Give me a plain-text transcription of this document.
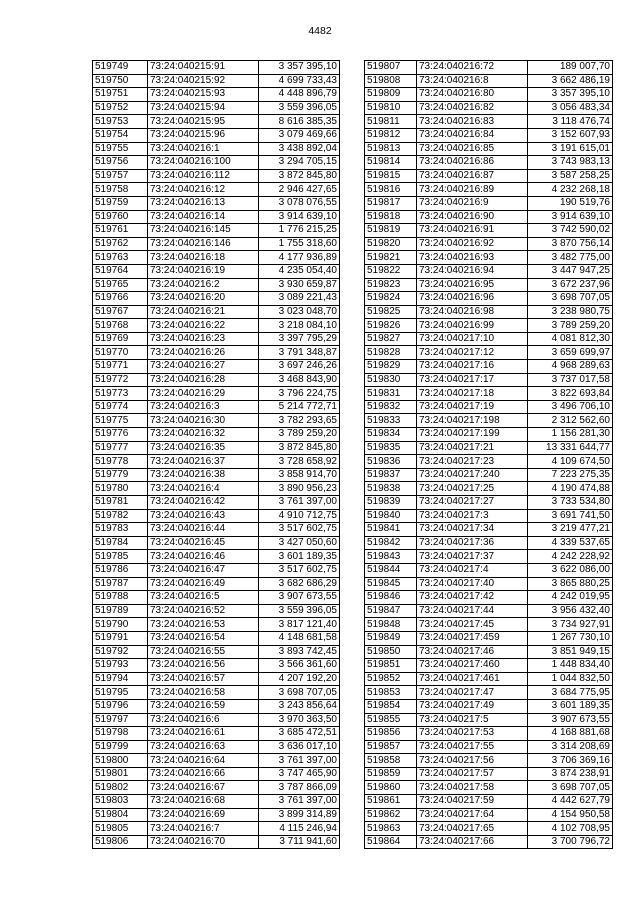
4482
519749	73:24:040215:91	3 357 395,10
519750	73:24:040215:92	4 699 733,43
519751	73:24:040215:93	4 448 896,79
519752	73:24:040215:94	3 559 396,05
519753	73:24:040215:95	8 616 385,35
519754	73:24:040215:96	3 079 469,66
519755	73:24:040216:1	3 438 892,04
519756	73:24:040216:100	3 294 705,15
519757	73:24:040216:112	3 872 845,80
519758	73:24:040216:12	2 946 427,65
519759	73:24:040216:13	3 078 076,55
519760	73:24:040216:14	3 914 639,10
519761	73:24:040216:145	1 776 215,25
519762	73:24:040216:146	1 755 318,60
519763	73:24:040216:18	4 177 936,89
519764	73:24:040216:19	4 235 054,40
519765	73:24:040216:2	3 930 659,87
519766	73:24:040216:20	3 089 221,43
519767	73:24:040216:21	3 023 048,70
519768	73:24:040216:22	3 218 084,10
519769	73:24:040216:23	3 397 795,29
519770	73:24:040216:26	3 791 348,87
519771	73:24:040216:27	3 697 246,26
519772	73:24:040216:28	3 468 843,90
519773	73:24:040216:29	3 796 224,75
519774	73:24:040216:3	5 214 772,71
519775	73:24:040216:30	3 782 293,65
519776	73:24:040216:32	3 789 259,20
519777	73:24:040216:35	3 872 845,80
519778	73:24:040216:37	3 728 658,92
519779	73:24:040216:38	3 858 914,70
519780	73:24:040216:4	3 890 956,23
519781	73:24:040216:42	3 761 397,00
519782	73:24:040216:43	4 910 712,75
519783	73:24:040216:44	3 517 602,75
519784	73:24:040216:45	3 427 050,60
519785	73:24:040216:46	3 601 189,35
519786	73:24:040216:47	3 517 602,75
519787	73:24:040216:49	3 682 686,29
519788	73:24:040216:5	3 907 673,55
519789	73:24:040216:52	3 559 396,05
519790	73:24:040216:53	3 817 121,40
519791	73:24:040216:54	4 148 681,58
519792	73:24:040216:55	3 893 742,45
519793	73:24:040216:56	3 566 361,60
519794	73:24:040216:57	4 207 192,20
519795	73:24:040216:58	3 698 707,05
519796	73:24:040216:59	3 243 856,64
519797	73:24:040216:6	3 970 363,50
519798	73:24:040216:61	3 685 472,51
519799	73:24:040216:63	3 636 017,10
519800	73:24:040216:64	3 761 397,00
519801	73:24:040216:66	3 747 465,90
519802	73:24:040216:67	3 787 866,09
519803	73:24:040216:68	3 761 397,00
519804	73:24:040216:69	3 899 314,89
519805	73:24:040216:7	4 115 246,94
519806	73:24:040216:70	3 711 941,60
519807	73:24:040216:72	189 007,70
519808	73:24:040216:8	3 662 486,19
519809	73:24:040216:80	3 357 395,10
519810	73:24:040216:82	3 056 483,34
519811	73:24:040216:83	3 118 476,74
519812	73:24:040216:84	3 152 607,93
519813	73:24:040216:85	3 191 615,01
519814	73:24:040216:86	3 743 983,13
519815	73:24:040216:87	3 587 258,25
519816	73:24:040216:89	4 232 268,18
519817	73:24:040216:9	190 519,76
519818	73:24:040216:90	3 914 639,10
519819	73:24:040216:91	3 742 590,02
519820	73:24:040216:92	3 870 756,14
519821	73:24:040216:93	3 482 775,00
519822	73:24:040216:94	3 447 947,25
519823	73:24:040216:95	3 672 237,96
519824	73:24:040216:96	3 698 707,05
519825	73:24:040216:98	3 238 980,75
519826	73:24:040216:99	3 789 259,20
519827	73:24:040217:10	4 081 812,30
519828	73:24:040217:12	3 659 699,97
519829	73:24:040217:16	4 968 289,63
519830	73:24:040217:17	3 737 017,58
519831	73:24:040217:18	3 822 693,84
519832	73:24:040217:19	3 496 706,10
519833	73:24:040217:198	2 312 562,60
519834	73:24:040217:199	1 156 281,30
519835	73:24:040217:21	13 331 644,77
519836	73:24:040217:23	4 109 674,50
519837	73:24:040217:240	7 223 275,35
519838	73:24:040217:25	4 190 474,88
519839	73:24:040217:27	3 733 534,80
519840	73:24:040217:3	3 691 741,50
519841	73:24:040217:34	3 219 477,21
519842	73:24:040217:36	4 339 537,65
519843	73:24:040217:37	4 242 228,92
519844	73:24:040217:4	3 622 086,00
519845	73:24:040217:40	3 865 880,25
519846	73:24:040217:42	4 242 019,95
519847	73:24:040217:44	3 956 432,40
519848	73:24:040217:45	3 734 927,91
519849	73:24:040217:459	1 267 730,10
519850	73:24:040217:46	3 851 949,15
519851	73:24:040217:460	1 448 834,40
519852	73:24:040217:461	1 044 832,50
519853	73:24:040217:47	3 684 775,95
519854	73:24:040217:49	3 601 189,35
519855	73:24:040217:5	3 907 673,55
519856	73:24:040217:53	4 168 881,68
519857	73:24:040217:55	3 314 208,69
519858	73:24:040217:56	3 706 369,16
519859	73:24:040217:57	3 874 238,91
519860	73:24:040217:58	3 698 707,05
519861	73:24:040217:59	4 442 627,79
519862	73:24:040217:64	4 154 950,58
519863	73:24:040217:65	4 102 708,95
519864	73:24:040217:66	3 700 796,72
